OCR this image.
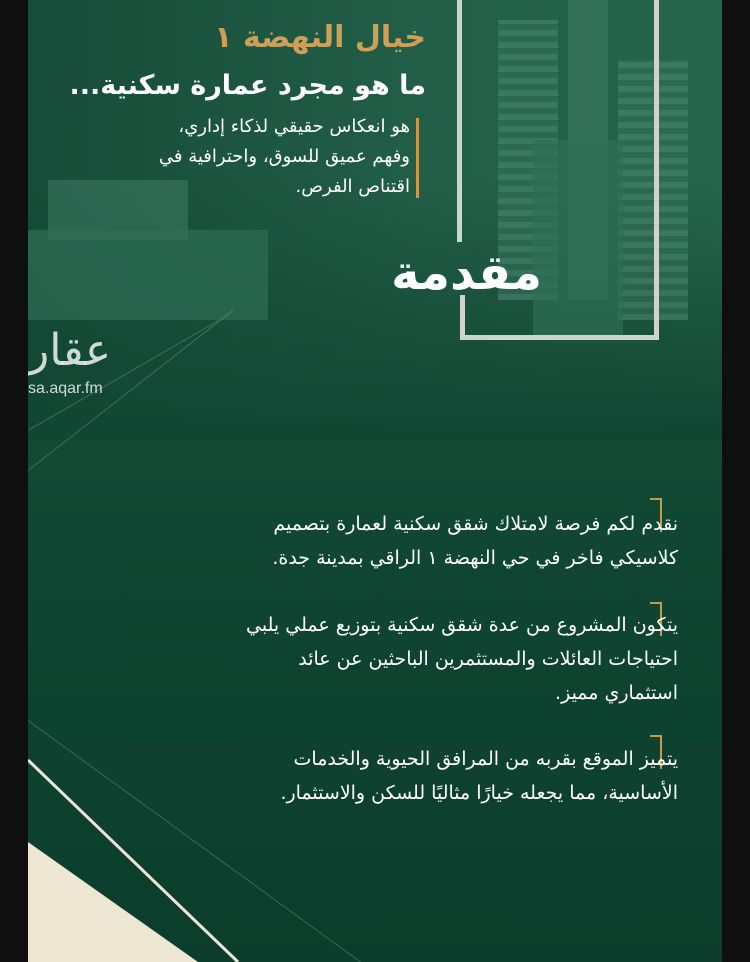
خيال النهضة ١
ما هو مجرد عمارة سكنية...

هو انعكاس حقيقي لذكاء إداري،
وفهم عميق للسوق، واحترافية في
اقتناص الفرص.

مقدمة
عقار
sa.aqar.fm

نقدم لكم فرصة لامتلاك شقق سكنية لعمارة بتصميم
كلاسيكي فاخر في حي النهضة ١ الراقي بمدينة جدة.

يتكون المشروع من عدة شقق سكنية بتوزيع عملي يلبي
احتياجات العائلات والمستثمرين الباحثين عن عائد
استثماري مميز.

يتميز الموقع بقربه من المرافق الحيوية والخدمات
الأساسية، مما يجعله خيارًا مثاليًا للسكن والاستثمار.
